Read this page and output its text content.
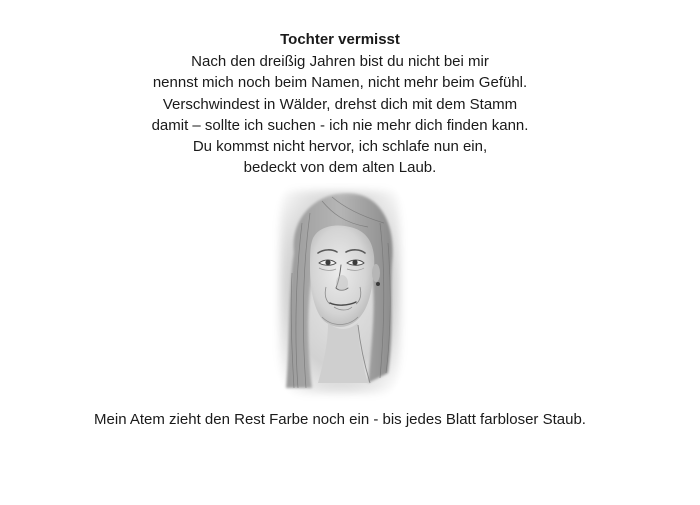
Tochter vermisst
Nach den dreißig Jahren bist du nicht bei mir
nennst mich noch beim Namen, nicht mehr beim Gefühl.
Verschwindest in Wälder, drehst dich mit dem Stamm
damit – sollte ich suchen - ich nie mehr dich finden kann.
Du kommst nicht hervor, ich schlafe nun ein,
bedeckt von dem alten Laub.
Mein Atem zieht den Rest Farbe noch ein - bis jedes Blatt farbloser Staub.
